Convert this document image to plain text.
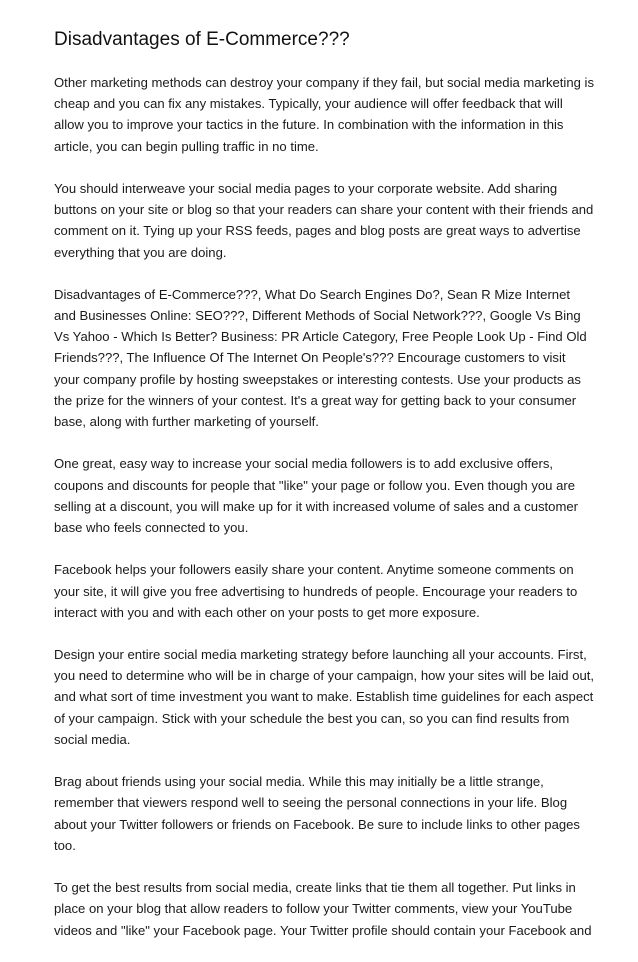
Disadvantages of E-Commerce???
Other marketing methods can destroy your company if they fail, but social media marketing is
cheap and you can fix any mistakes. Typically, your audience will offer feedback that will
allow you to improve your tactics in the future. In combination with the information in this
article, you can begin pulling traffic in no time.
You should interweave your social media pages to your corporate website. Add sharing
buttons on your site or blog so that your readers can share your content with their friends and
comment on it. Tying up your RSS feeds, pages and blog posts are great ways to advertise
everything that you are doing.
Disadvantages of E-Commerce???, What Do Search Engines Do?, Sean R Mize Internet
and Businesses Online: SEO???, Different Methods of Social Network???, Google Vs Bing
Vs Yahoo - Which Is Better? Business: PR Article Category, Free People Look Up - Find Old
Friends???, The Influence Of The Internet On People's??? Encourage customers to visit
your company profile by hosting sweepstakes or interesting contests. Use your products as
the prize for the winners of your contest. It's a great way for getting back to your consumer
base, along with further marketing of yourself.
One great, easy way to increase your social media followers is to add exclusive offers,
coupons and discounts for people that "like" your page or follow you. Even though you are
selling at a discount, you will make up for it with increased volume of sales and a customer
base who feels connected to you.
Facebook helps your followers easily share your content. Anytime someone comments on
your site, it will give you free advertising to hundreds of people. Encourage your readers to
interact with you and with each other on your posts to get more exposure.
Design your entire social media marketing strategy before launching all your accounts. First,
you need to determine who will be in charge of your campaign, how your sites will be laid out,
and what sort of time investment you want to make. Establish time guidelines for each aspect
of your campaign. Stick with your schedule the best you can, so you can find results from
social media.
Brag about friends using your social media. While this may initially be a little strange,
remember that viewers respond well to seeing the personal connections in your life. Blog
about your Twitter followers or friends on Facebook. Be sure to include links to other pages
too.
To get the best results from social media, create links that tie them all together. Put links in
place on your blog that allow readers to follow your Twitter comments, view your YouTube
videos and "like" your Facebook page. Your Twitter profile should contain your Facebook and
